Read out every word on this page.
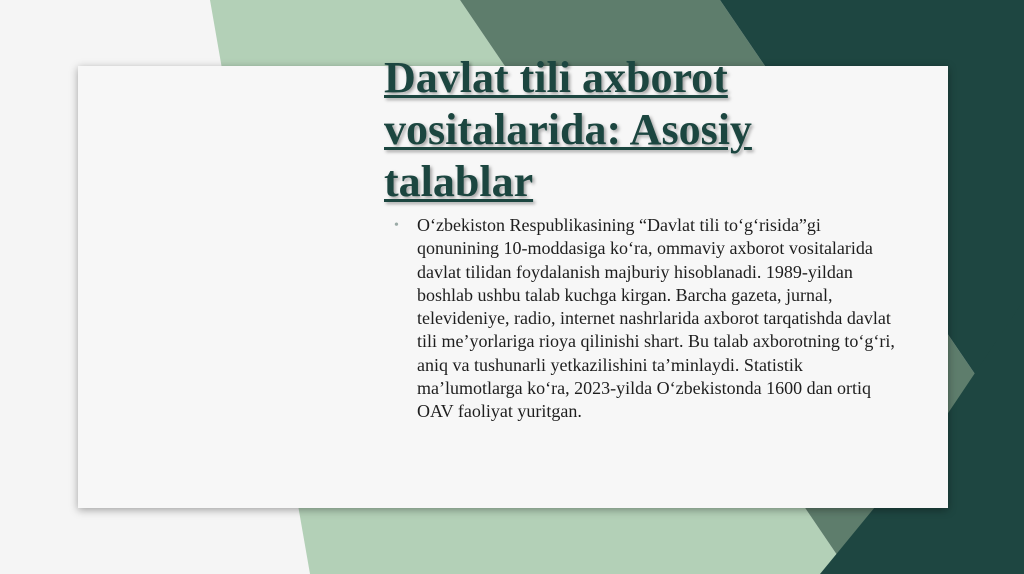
Davlat tili axborot vositalarida: Asosiy talablar
• O‘zbekiston Respublikasining “Davlat tili to‘g‘risida”gi qonunining 10-moddasiga ko‘ra, ommaviy axborot vositalarida davlat tilidan foydalanish majburiy hisoblanadi. 1989-yildan boshlab ushbu talab kuchga kirgan. Barcha gazeta, jurnal, televideniye, radio, internet nashrlarida axborot tarqatishda davlat tili me’yorlariga rioya qilinishi shart. Bu talab axborotning to‘g‘ri, aniq va tushunarli yetkazilishini ta’minlaydi. Statistik ma’lumotlarga ko‘ra, 2023-yilda O‘zbekistonda 1600 dan ortiq OAV faoliyat yuritgan.
